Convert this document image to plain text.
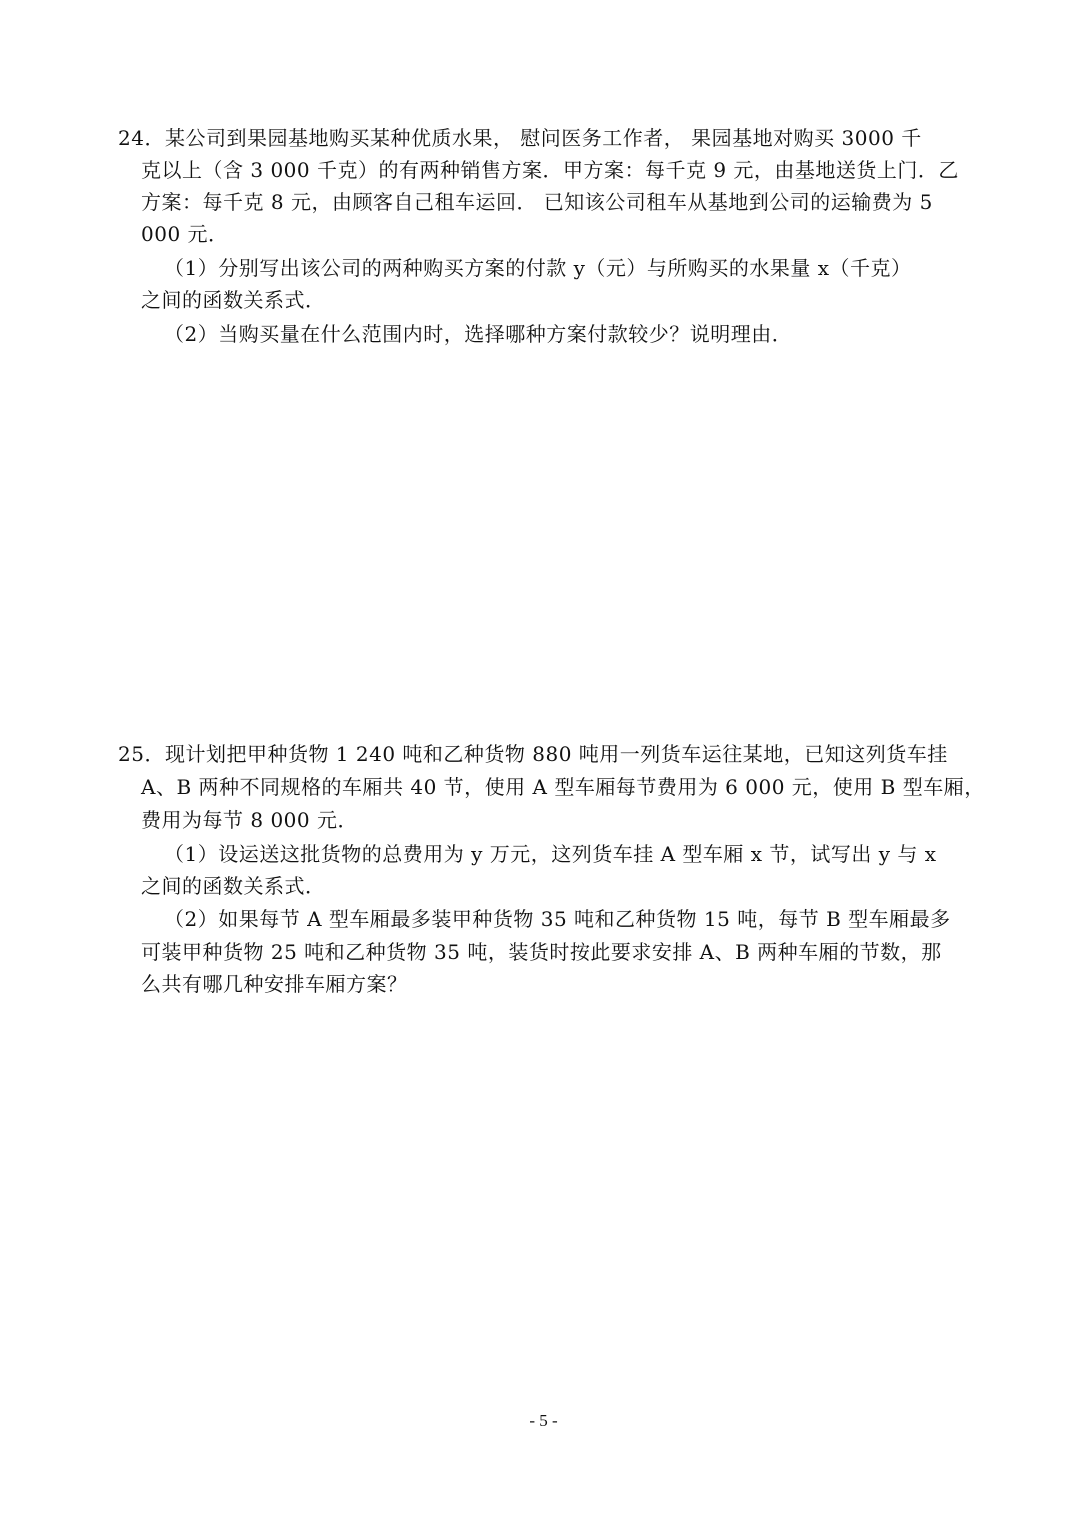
24．某公司到果园基地购买某种优质水果， 慰问医务工作者， 果园基地对购买 3000 千
克以上（含 3 000 千克）的有两种销售方案．甲方案：每千克 9 元，由基地送货上门．乙
方案：每千克 8 元，由顾客自己租车运回． 已知该公司租车从基地到公司的运输费为 5
000 元．
（1）分别写出该公司的两种购买方案的付款 y（元）与所购买的水果量 x（千克）
之间的函数关系式．
（2）当购买量在什么范围内时，选择哪种方案付款较少？说明理由．
25．现计划把甲种货物 1 240 吨和乙种货物 880 吨用一列货车运往某地，已知这列货车挂
A、B 两种不同规格的车厢共 40 节，使用 A 型车厢每节费用为 6 000 元，使用 B 型车厢，
费用为每节 8 000 元．
（1）设运送这批货物的总费用为 y 万元，这列货车挂 A 型车厢 x 节，试写出 y 与 x
之间的函数关系式．
（2）如果每节 A 型车厢最多装甲种货物 35 吨和乙种货物 15 吨，每节 B 型车厢最多
可装甲种货物 25 吨和乙种货物 35 吨，装货时按此要求安排 A、B 两种车厢的节数，那
么共有哪几种安排车厢方案？
- 5 -
